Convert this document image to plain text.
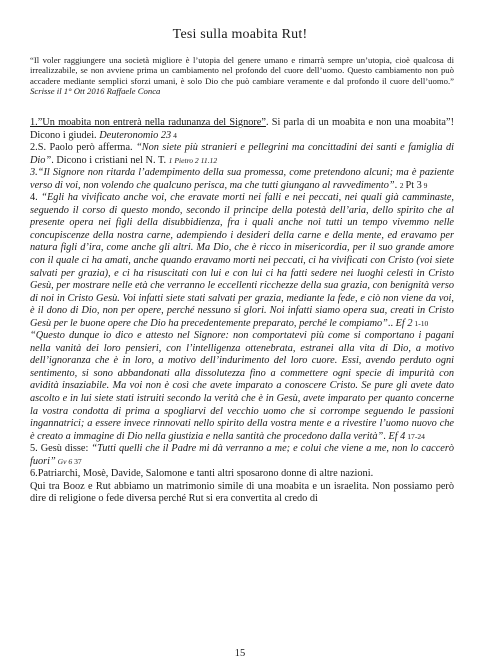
Tesi sulla moabita Rut!
“Il voler raggiungere una società migliore è l’utopia del genere umano e rimarrà sempre un’utopia, cioè qualcosa di irrealizzabile, se non avviene prima un cambiamento nel profondo del cuore dell’uomo. Questo cambiamento non può accadere mediante semplici sforzi umani, è solo Dio che può cambiare veramente e dal profondo il cuore dell’uomo.” Scrisse il 1° Ott 2016 Raffaele Conca

1.”Un moabita non entrerà nella radunanza del Signore”. Si parla di un moabita e non una moabita”! Dicono i giudei. Deuteronomio 23 4

2.S. Paolo però afferma. “Non siete più stranieri e pellegrini ma concittadini dei santi e famiglia di Dio”. Dicono i cristiani nel N. T. 1 Pietro 2 11.12

3.“Il Signore non ritarda l’adempimento della sua promessa, come pretendono alcuni; ma è paziente verso di voi, non volendo che qualcuno perisca, ma che tutti giungano al ravvedimento”. 2 Pt 3 9

4. “Egli ha vivificato anche voi, che eravate morti nei falli e nei peccati, nei quali già camminaste, seguendo il corso di questo mondo, secondo il principe della potestà dell’aria, dello spirito che al presente opera nei figli della disubbidienza, fra i quali anche noi tutti un tempo vivemmo nelle concupiscenze della nostra carne, adempiendo i desideri della carne e della mente, ed eravamo per natura figli d’ira, come anche gli altri. Ma Dio, che è ricco in misericordia, per il suo grande amore con il quale ci ha amati, anche quando eravamo morti nei peccati, ci ha vivificati con Cristo (voi siete salvati per grazia), e ci ha risuscitati con lui e con lui ci ha fatti sedere nei luoghi celesti in Cristo Gesù, per mostrare nelle età che verranno le eccellenti ricchezze della sua grazia, con benignità verso di noi in Cristo Gesù. Voi infatti siete stati salvati per grazia, mediante la fede, e ciò non viene da voi, è il dono di Dio, non per opere, perché nessuno si glori. Noi infatti siamo opera sua, creati in Cristo Gesù per le buone opere che Dio ha precedentemente preparato, perché le compiamo”.. Ef 2 1-10

“Questo dunque io dico e attesto nel Signore: non comportatevi più come si comportano i pagani nella vanità dei loro pensieri, con l’intelligenza ottenebrata, estranei alla vita di Dio, a motivo dell’ignoranza che è in loro, a motivo dell’indurimento del loro cuore. Essi, avendo perduto ogni sentimento, si sono abbandonati alla dissolutezza fino a commettere ogni specie di impurità con avidità insaziabile. Ma voi non è così che avete imparato a conoscere Cristo. Se pure gli avete dato ascolto e in lui siete stati istruiti secondo la verità che è in Gesù, avete imparato per quanto concerne la vostra condotta di prima a spogliarvi del vecchio uomo che si corrompe seguendo le passioni ingannatrici; a essere invece rinnovati nello spirito della vostra mente e a rivestire l’uomo nuovo che è creato a immagine di Dio nella giustizia e nella santità che procedono dalla verità”. Ef 4 17-24

5. Gesù disse: “Tutti quelli che il Padre mi dà verranno a me; e colui che viene a me, non lo caccerò fuori” Gv 6 37

6.Patriarchi, Mosè, Davide, Salomone e tanti altri sposarono donne di altre nazioni.

Qui tra Booz e Rut abbiamo un matrimonio simile di una moabita e un israelita. Non possiamo però dire di religione o fede diversa perché Rut si era convertita al credo di

15
